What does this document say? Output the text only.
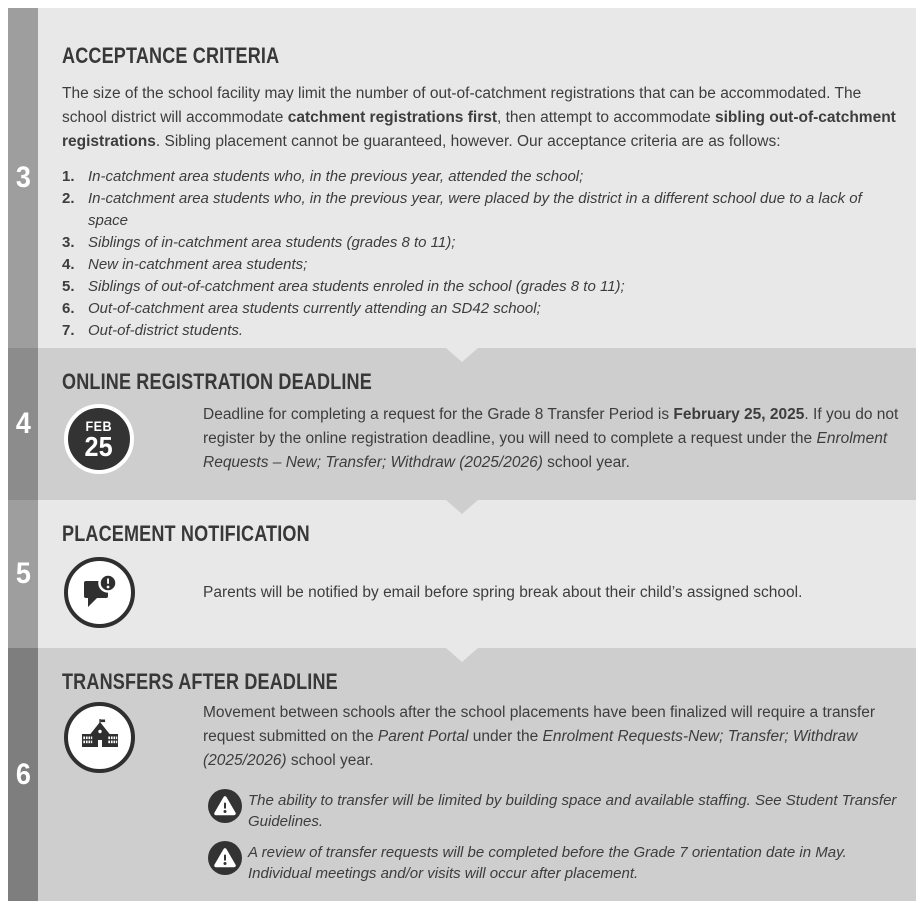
3
ACCEPTANCE CRITERIA
The size of the school facility may limit the number of out-of-catchment registrations that can be accommodated. The school district will accommodate catchment registrations first, then attempt to accommodate sibling out-of-catchment registrations. Sibling placement cannot be guaranteed, however. Our acceptance criteria are as follows:
1. In-catchment area students who, in the previous year, attended the school;
2. In-catchment area students who, in the previous year, were placed by the district in a different school due to a lack of space
3. Siblings of in-catchment area students (grades 8 to 11);
4. New in-catchment area students;
5. Siblings of out-of-catchment area students enroled in the school (grades 8 to 11);
6. Out-of-catchment area students currently attending an SD42 school;
7. Out-of-district students.
4
ONLINE REGISTRATION DEADLINE
FEB
25
Deadline for completing a request for the Grade 8 Transfer Period is February 25, 2025. If you do not register by the online registration deadline, you will need to complete a request under the Enrolment Requests – New; Transfer; Withdraw (2025/2026) school year.
5
PLACEMENT NOTIFICATION
Parents will be notified by email before spring break about their child’s assigned school.
6
TRANSFERS AFTER DEADLINE
Movement between schools after the school placements have been finalized will require a transfer request submitted on the Parent Portal under the Enrolment Requests-New; Transfer; Withdraw (2025/2026) school year.
The ability to transfer will be limited by building space and available staffing. See Student Transfer Guidelines.
A review of transfer requests will be completed before the Grade 7 orientation date in May. Individual meetings and/or visits will occur after placement.
